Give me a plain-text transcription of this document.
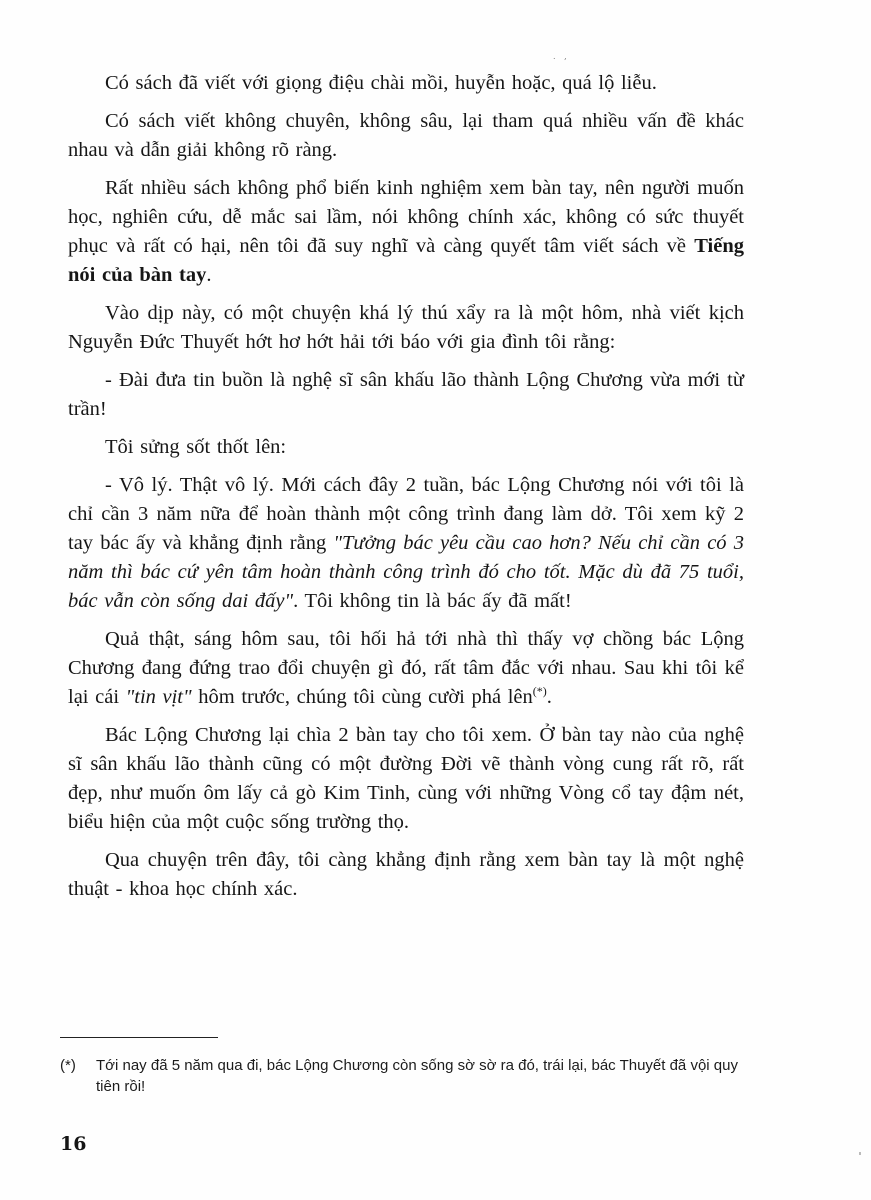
. ,

Có sách đã viết với giọng điệu chài mồi, huyễn hoặc, quá lộ liễu.

Có sách viết không chuyên, không sâu, lại tham quá nhiều vấn đề khác nhau và dẫn giải không rõ ràng.

Rất nhiều sách không phổ biến kinh nghiệm xem bàn tay, nên người muốn học, nghiên cứu, dễ mắc sai lầm, nói không chính xác, không có sức thuyết phục và rất có hại, nên tôi đã suy nghĩ và càng quyết tâm viết sách về Tiếng nói của bàn tay.

Vào dịp này, có một chuyện khá lý thú xẩy ra là một hôm, nhà viết kịch Nguyễn Đức Thuyết hớt hơ hớt hải tới báo với gia đình tôi rằng:

- Đài đưa tin buồn là nghệ sĩ sân khấu lão thành Lộng Chương vừa mới từ trần!

Tôi sửng sốt thốt lên:

- Vô lý. Thật vô lý. Mới cách đây 2 tuần, bác Lộng Chương nói với tôi là chỉ cần 3 năm nữa để hoàn thành một công trình đang làm dở. Tôi xem kỹ 2 tay bác ấy và khẳng định rằng "Tưởng bác yêu cầu cao hơn? Nếu chỉ cần có 3 năm thì bác cứ yên tâm hoàn thành công trình đó cho tốt. Mặc dù đã 75 tuổi, bác vẫn còn sống dai đấy". Tôi không tin là bác ấy đã mất!

Quả thật, sáng hôm sau, tôi hối hả tới nhà thì thấy vợ chồng bác Lộng Chương đang đứng trao đổi chuyện gì đó, rất tâm đắc với nhau. Sau khi tôi kể lại cái "tin vịt" hôm trước, chúng tôi cùng cười phá lên(*).

Bác Lộng Chương lại chìa 2 bàn tay cho tôi xem. Ở bàn tay nào của nghệ sĩ sân khấu lão thành cũng có một đường Đời vẽ thành vòng cung rất rõ, rất đẹp, như muốn ôm lấy cả gò Kim Tinh, cùng với những Vòng cổ tay đậm nét, biểu hiện của một cuộc sống trường thọ.

Qua chuyện trên đây, tôi càng khẳng định rằng xem bàn tay là một nghệ thuật - khoa học chính xác.

(*)	Tới nay đã 5 năm qua đi, bác Lộng Chương còn sống sờ sờ ra đó, trái lại, bác Thuyết đã vội quy tiên rồi!
16
